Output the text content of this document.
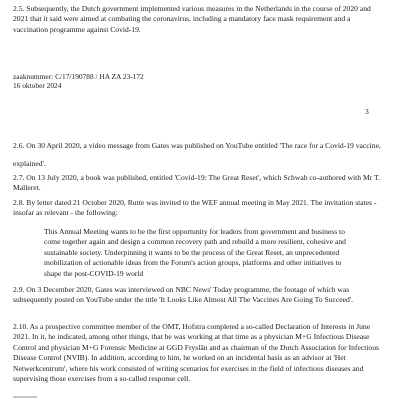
2.5. Subsequently, the Dutch government implemented various measures in the Netherlands in the course of 2020 and 2021 that it said were aimed at combating the coronavirus, including a mandatory face mask requirement and a vaccination programme against Covid-19.

zaaknummer: C/17/190788 / HA ZA 23-172
16 oktober 2024
3

2.6. On 30 April 2020, a video message from Gates was published on YouTube entitled 'The race for a Covid-19 vaccine, explained'.

2.7. On 13 July 2020, a book was published, entitled 'Covid-19: The Great Reset', which Schwab co-authored with Mr T. Malleret.

2.8. By letter dated 21 October 2020, Rutte was invited to the WEF annual meeting in May 2021. The invitation states - insofar as relevant - the following:

This Annual Meeting wants to be the first opportunity for leaders from government and business to come together again and design a common recovery path and rebuild a more resilient, cohesive and sustainable society. Underpinning it wants to be the process of the Great Reset, an unprecedented mobilization of actionable ideas from the Forum's action groups, platforms and other initiatives to shape the post-COVID-19 world

2.9. On 3 December 2020, Gates was interviewed on NBC News' Today programme, the footage of which was subsequently posted on YouTube under the title 'It Looks Like Almost All The Vaccines Are Going To Succeed'.

2.10. As a prospective committee member of the OMT, Hofstra completed a so-called Declaration of Interests in June 2021. In it, he indicated, among other things, that he was working at that time as a physician M+G Infectious Disease Control and physician M+G Forensic Medicine at GGD Fryslân and as chairman of the Dutch Association for Infectious Disease Control (NVIB). In addition, according to him, he worked on an incidental basis as an advisor at 'Het Netwerkcentrum', where his work consisted of writing scenarios for exercises in the field of infectious diseases and supervising those exercises from a so-called response cell.
